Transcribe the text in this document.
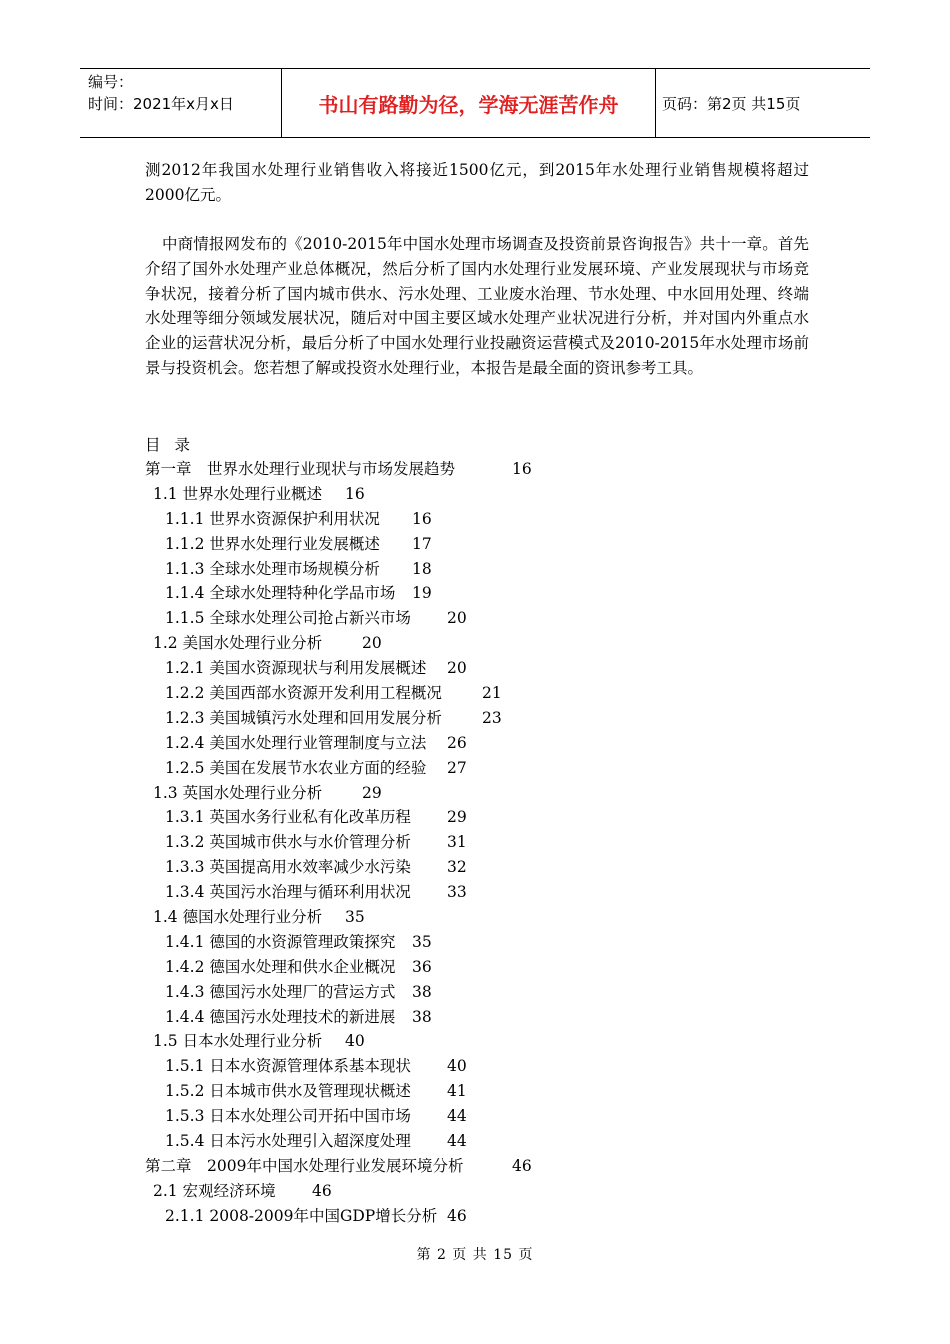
编号：
时间：2021年x月x日	书山有路勤为径，学海无涯苦作舟	页码：第2页 共15页
测2012年我国水处理行业销售收入将接近1500亿元，到2015年水处理行业销售规模将超过2000亿元。
中商情报网发布的《2010-2015年中国水处理市场调查及投资前景咨询报告》共十一章。首先介绍了国外水处理产业总体概况，然后分析了国内水处理行业发展环境、产业发展现状与市场竞争状况，接着分析了国内城市供水、污水处理、工业废水治理、节水处理、中水回用处理、终端水处理等细分领域发展状况，随后对中国主要区域水处理产业状况进行分析，并对国内外重点水企业的运营状况分析，最后分析了中国水处理行业投融资运营模式及2010-2015年水处理市场前景与投资机会。您若想了解或投资水处理行业，本报告是最全面的资讯参考工具。
目录
第一章　世界水处理行业现状与市场发展趋势	16
1.1 世界水处理行业概述 16
1.1.1 世界水资源保护利用状况 16
1.1.2 世界水处理行业发展概述 17
1.1.3 全球水处理市场规模分析 18
1.1.4 全球水处理特种化学品市场 19
1.1.5 全球水处理公司抢占新兴市场 20
1.2 美国水处理行业分析	20
1.2.1 美国水资源现状与利用发展概述 20
1.2.2 美国西部水资源开发利用工程概况	21
1.2.3 美国城镇污水处理和回用发展分析	23
1.2.4 美国水处理行业管理制度与立法 26
1.2.5 美国在发展节水农业方面的经验 27
1.3 英国水处理行业分析	29
1.3.1 英国水务行业私有化改革历程 29
1.3.2 英国城市供水与水价管理分析 31
1.3.3 英国提高用水效率减少水污染 32
1.3.4 英国污水治理与循环利用状况 33
1.4 德国水处理行业分析 35
1.4.1 德国的水资源管理政策探究 35
1.4.2 德国水处理和供水企业概况 36
1.4.3 德国污水处理厂的营运方式 38
1.4.4 德国污水处理技术的新进展 38
1.5 日本水处理行业分析 40
1.5.1 日本水资源管理体系基本现状 40
1.5.2 日本城市供水及管理现状概述 41
1.5.3 日本水处理公司开拓中国市场 44
1.5.4 日本污水处理引入超深度处理 44
第二章　2009年中国水处理行业发展环境分析	46
2.1 宏观经济环境 46
2.1.1 2008-2009年中国GDP增长分析 46
第 2 页 共 15 页
